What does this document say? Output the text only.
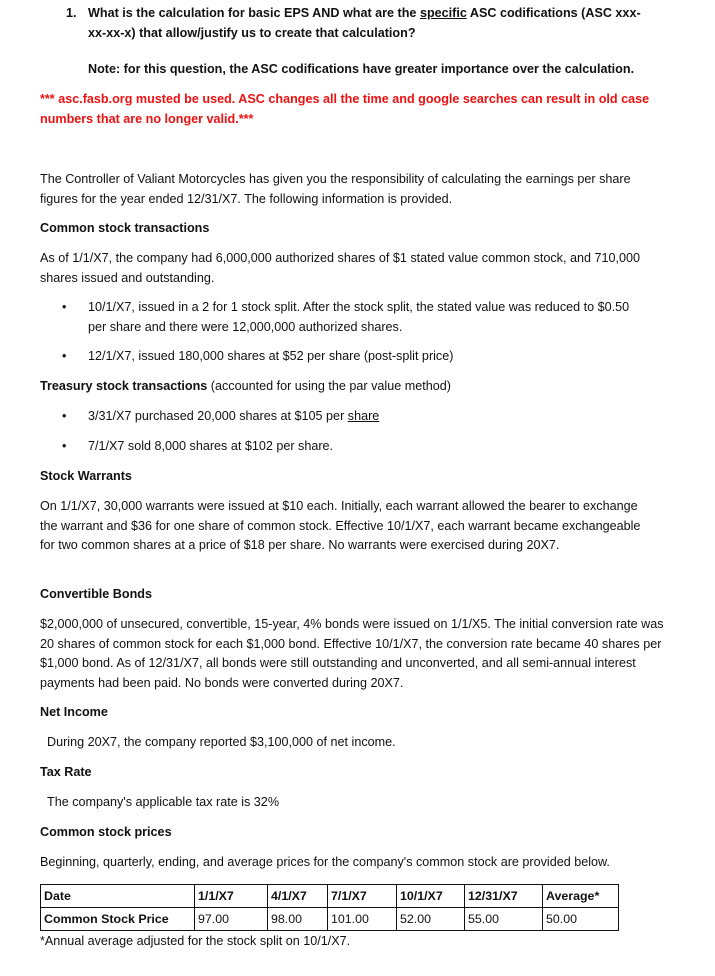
1. What is the calculation for basic EPS AND what are the specific ASC codifications (ASC xxx-xx-xx-x) that allow/justify us to create that calculation?
Note: for this question, the ASC codifications have greater importance over the calculation.
*** asc.fasb.org musted be used. ASC changes all the time and google searches can result in old case numbers that are no longer valid.***
The Controller of Valiant Motorcycles has given you the responsibility of calculating the earnings per share figures for the year ended 12/31/X7. The following information is provided.
Common stock transactions
As of 1/1/X7, the company had 6,000,000 authorized shares of $1 stated value common stock, and 710,000 shares issued and outstanding.
• 10/1/X7, issued in a 2 for 1 stock split. After the stock split, the stated value was reduced to $0.50 per share and there were 12,000,000 authorized shares.
• 12/1/X7, issued 180,000 shares at $52 per share (post-split price)
Treasury stock transactions (accounted for using the par value method)
• 3/31/X7 purchased 20,000 shares at $105 per share
• 7/1/X7 sold 8,000 shares at $102 per share.
Stock Warrants
On 1/1/X7, 30,000 warrants were issued at $10 each. Initially, each warrant allowed the bearer to exchange the warrant and $36 for one share of common stock. Effective 10/1/X7, each warrant became exchangeable for two common shares at a price of $18 per share. No warrants were exercised during 20X7.
Convertible Bonds
$2,000,000 of unsecured, convertible, 15-year, 4% bonds were issued on 1/1/X5. The initial conversion rate was 20 shares of common stock for each $1,000 bond. Effective 10/1/X7, the conversion rate became 40 shares per $1,000 bond. As of 12/31/X7, all bonds were still outstanding and unconverted, and all semi-annual interest payments had been paid. No bonds were converted during 20X7.
Net Income
During 20X7, the company reported $3,100,000 of net income.
Tax Rate
The company's applicable tax rate is 32%
Common stock prices
Beginning, quarterly, ending, and average prices for the company's common stock are provided below.
Date	1/1/X7	4/1/X7	7/1/X7	10/1/X7	12/31/X7	Average*
Common Stock Price	97.00	98.00	101.00	52.00	55.00	50.00
*Annual average adjusted for the stock split on 10/1/X7.
